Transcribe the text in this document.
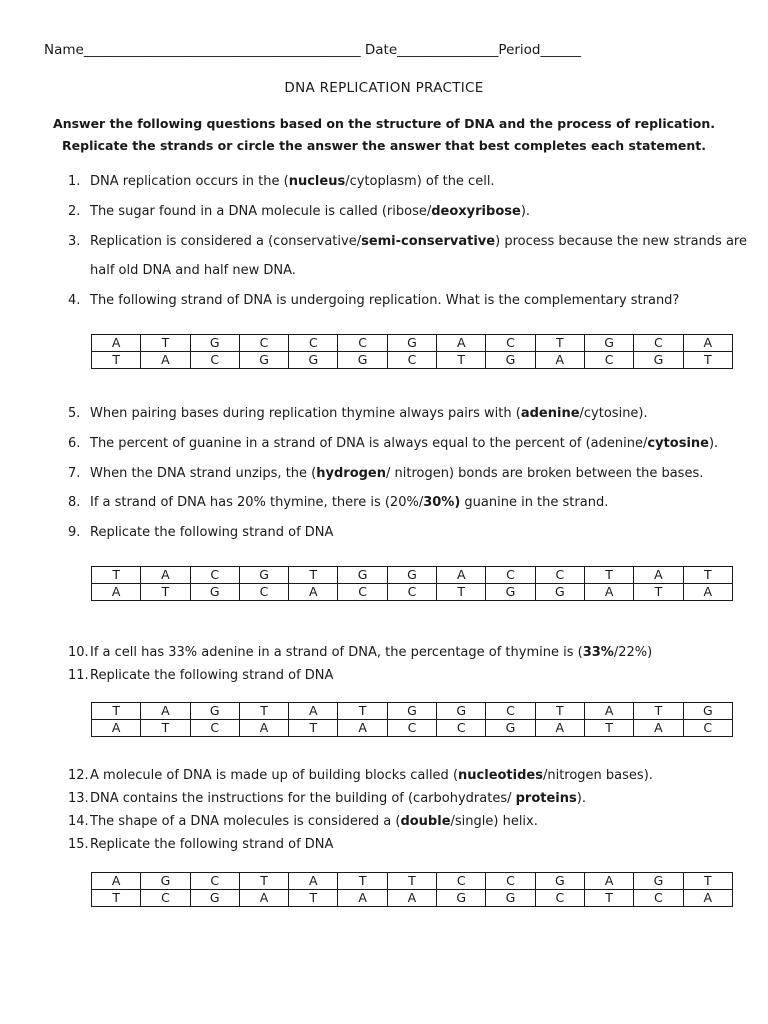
Name_________________________________________ Date_______________Period______
DNA REPLICATION PRACTICE
Answer the following questions based on the structure of DNA and the process of replication.
Replicate the strands or circle the answer the answer that best completes each statement.
1. DNA replication occurs in the (nucleus/cytoplasm) of the cell.
2. The sugar found in a DNA molecule is called (ribose/deoxyribose).
3. Replication is considered a (conservative/semi-conservative) process because the new strands are
half old DNA and half new DNA.
4. The following strand of DNA is undergoing replication. What is the complementary strand?
A	T	G	C	C	C	G	A	C	T	G	C	A
T	A	C	G	G	G	C	T	G	A	C	G	T
5. When pairing bases during replication thymine always pairs with (adenine/cytosine).
6. The percent of guanine in a strand of DNA is always equal to the percent of (adenine/cytosine).
7. When the DNA strand unzips, the (hydrogen/ nitrogen) bonds are broken between the bases.
8. If a strand of DNA has 20% thymine, there is (20%/30%) guanine in the strand.
9. Replicate the following strand of DNA
T	A	C	G	T	G	G	A	C	C	T	A	T
A	T	G	C	A	C	C	T	G	G	A	T	A
10.If a cell has 33% adenine in a strand of DNA, the percentage of thymine is (33%/22%)
11.Replicate the following strand of DNA
T	A	G	T	A	T	G	G	C	T	A	T	G
A	T	C	A	T	A	C	C	G	A	T	A	C
12.A molecule of DNA is made up of building blocks called (nucleotides/nitrogen bases).
13.DNA contains the instructions for the building of (carbohydrates/ proteins).
14.The shape of a DNA molecules is considered a (double/single) helix.
15.Replicate the following strand of DNA
A	G	C	T	A	T	T	C	C	G	A	G	T
T	C	G	A	T	A	A	G	G	C	T	C	A
